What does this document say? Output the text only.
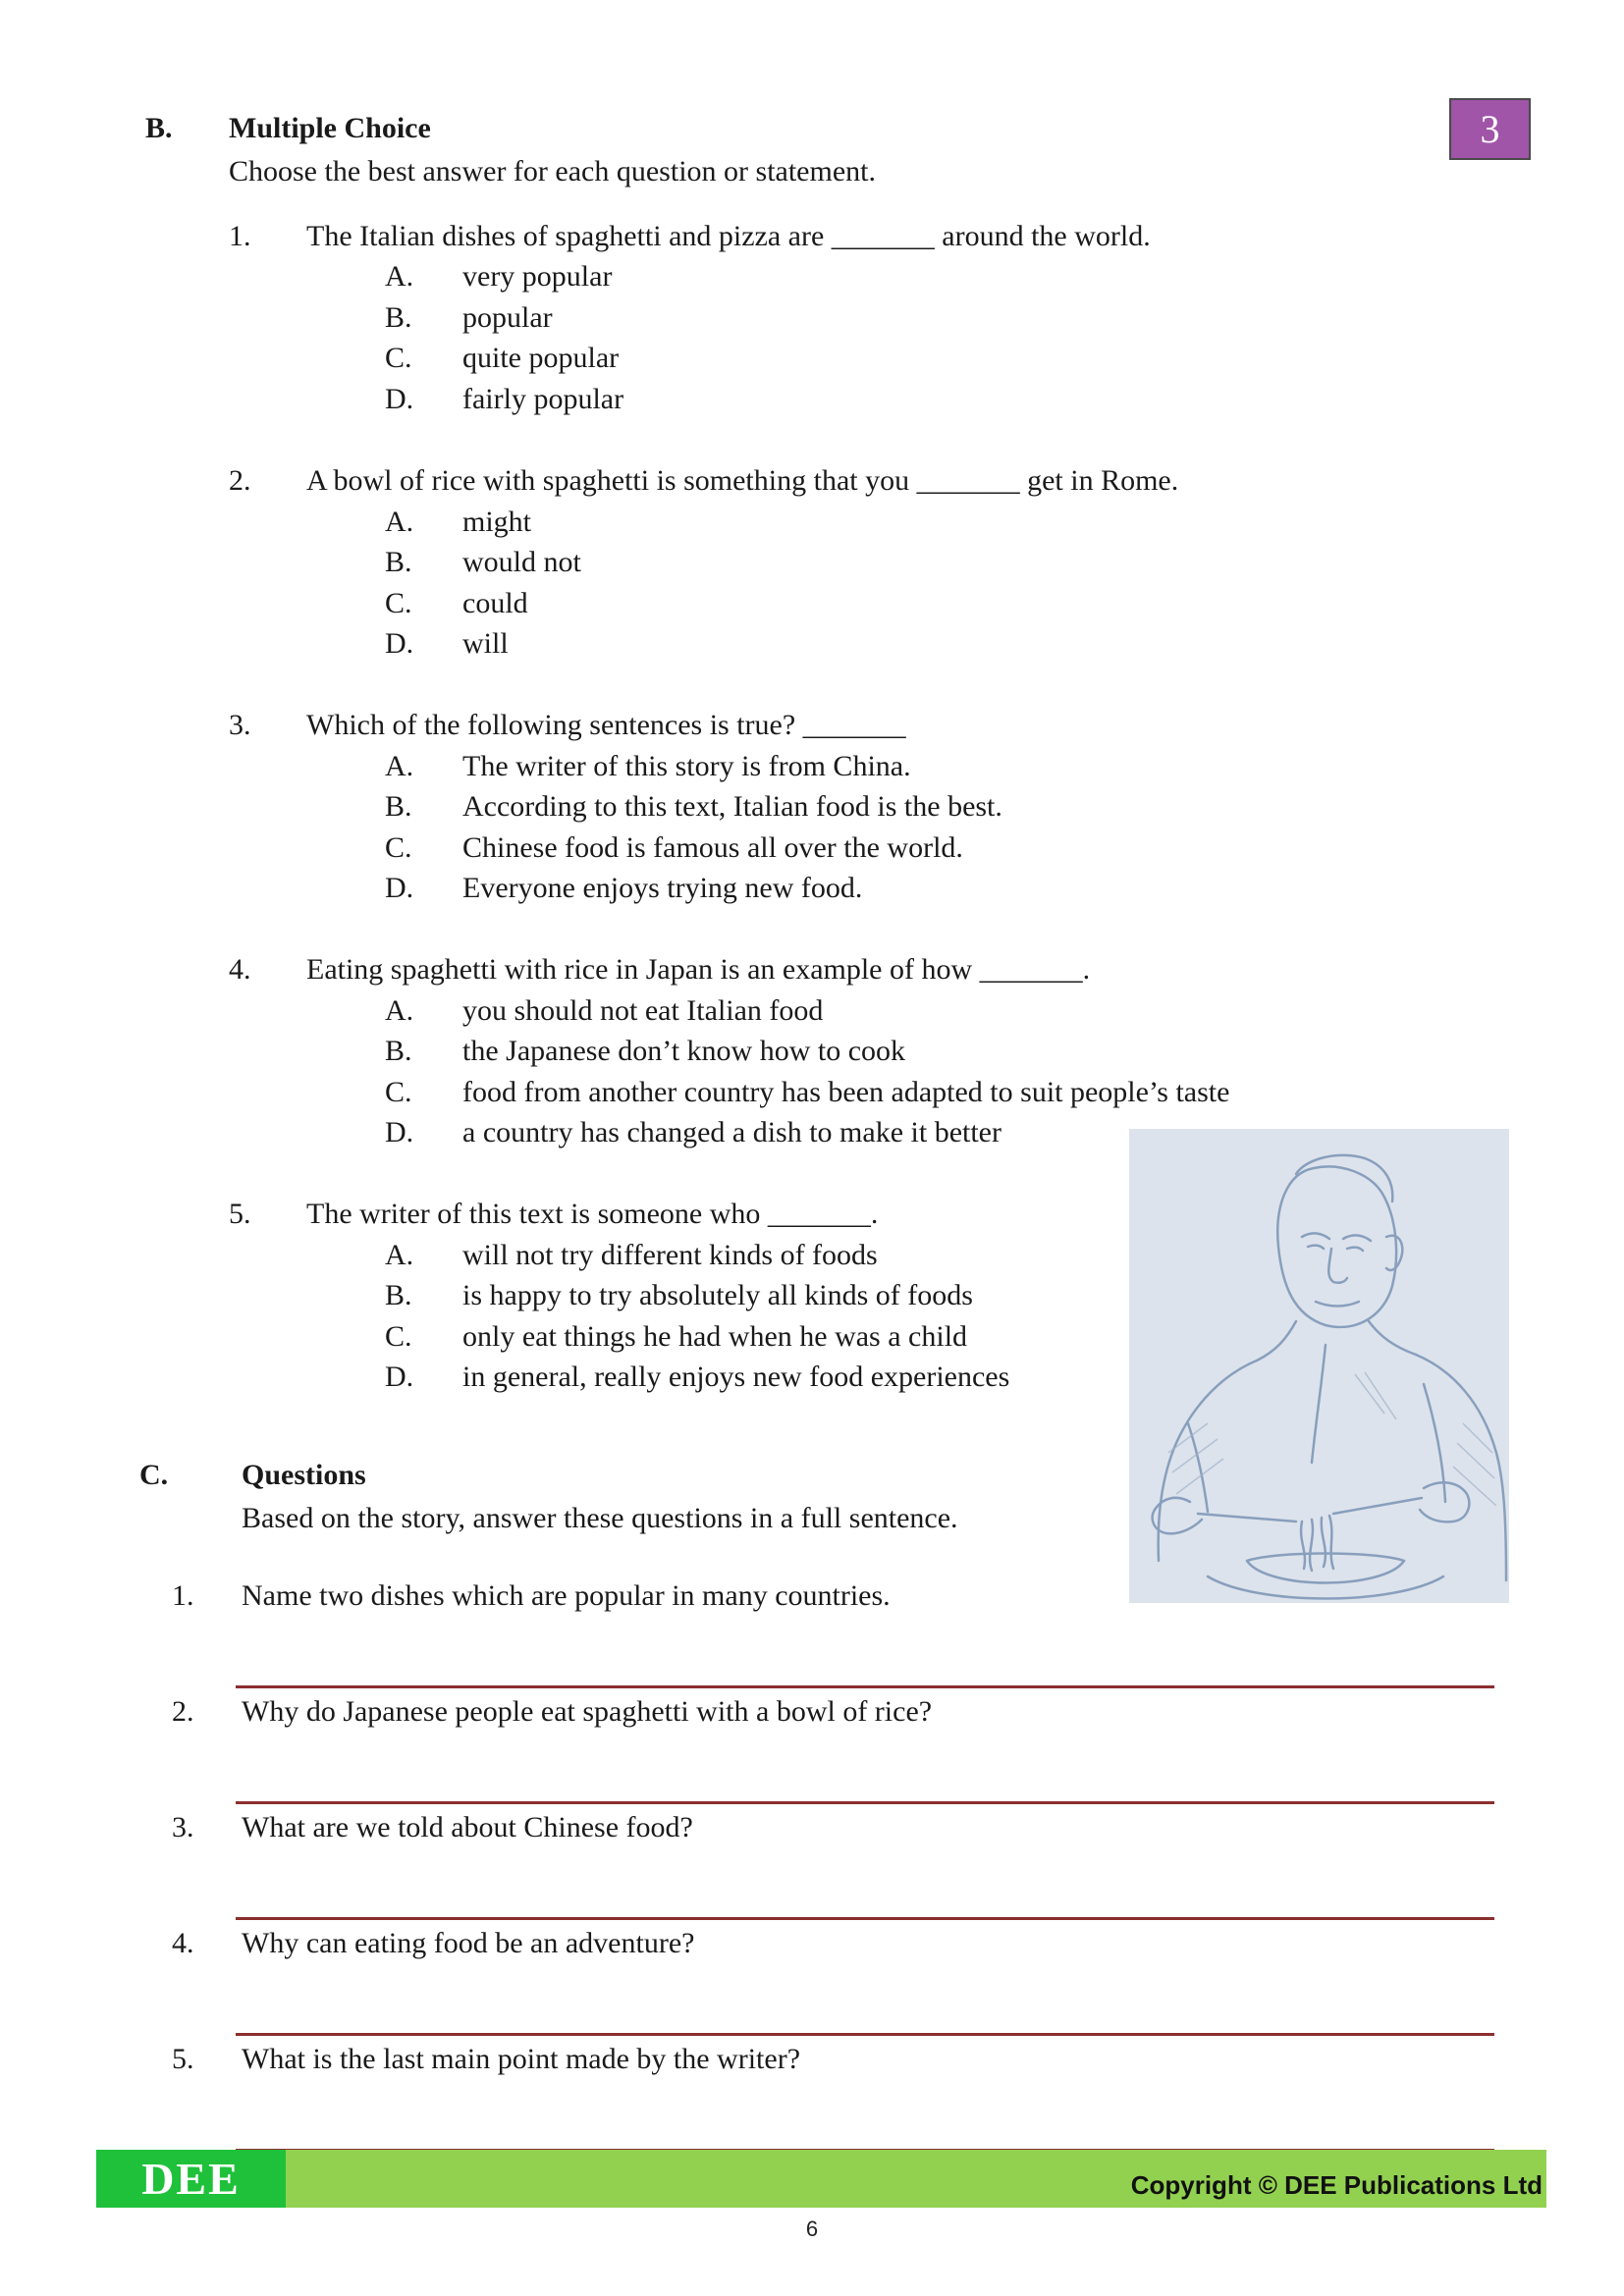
3
B. Multiple Choice
Choose the best answer for each question or statement.
1. The Italian dishes of spaghetti and pizza are _______ around the world.
A. very popular
B. popular
C. quite popular
D. fairly popular
2. A bowl of rice with spaghetti is something that you _______ get in Rome.
A. might
B. would not
C. could
D. will
3. Which of the following sentences is true? _______
A. The writer of this story is from China.
B. According to this text, Italian food is the best.
C. Chinese food is famous all over the world.
D. Everyone enjoys trying new food.
4. Eating spaghetti with rice in Japan is an example of how _______.
A. you should not eat Italian food
B. the Japanese don’t know how to cook
C. food from another country has been adapted to suit people’s taste
D. a country has changed a dish to make it better
5. The writer of this text is someone who _______.
A. will not try different kinds of foods
B. is happy to try absolutely all kinds of foods
C. only eat things he had when he was a child
D. in general, really enjoys new food experiences
C. Questions
Based on the story, answer these questions in a full sentence.
1. Name two dishes which are popular in many countries.
2. Why do Japanese people eat spaghetti with a bowl of rice?
3. What are we told about Chinese food?
4. Why can eating food be an adventure?
5. What is the last main point made by the writer?
DEE	Copyright © DEE Publications Ltd
6
